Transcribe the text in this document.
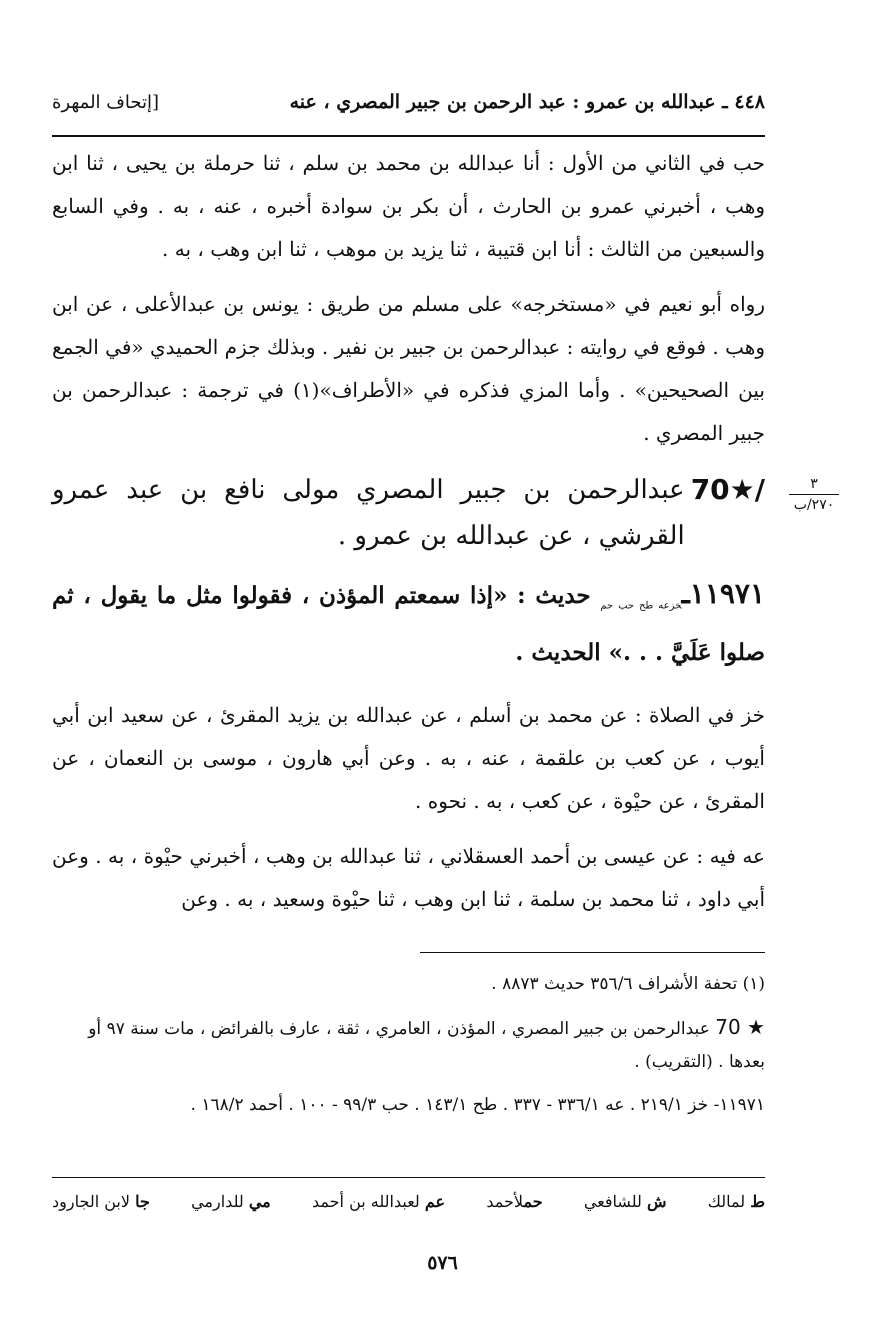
٤٤٨ ـ عبدالله بن عمرو : عبد الرحمن بن جبير المصري ، عنه
[إتحاف المهرة
٣
٢٧٠/ب

حب في الثاني من الأول : أنا عبدالله بن محمد بن سلم ، ثنا حرملة بن يحيى ، ثنا ابن وهب ، أخبرني عمرو بن الحارث ، أن بكر بن سوادة أخبره ، عنه ، به . وفي السابع والسبعين من الثالث : أنا ابن قتيبة ، ثنا يزيد بن موهب ، ثنا ابن وهب ، به .

رواه أبو نعيم في «مستخرجه» على مسلم من طريق : يونس بن عبدالأعلى ، عن ابن وهب . فوقع في روايته : عبدالرحمن بن جبير بن نفير . وبذلك جزم الحميدي «في الجمع بين الصحيحين» . وأما المزي فذكره في «الأطراف»(١) في ترجمة : عبدالرحمن بن جبير المصري .

70★/
عبدالرحمن بن جبير المصري مولى نافع بن عبد عمرو القرشي ، عن عبدالله بن عمرو .
١١٩٧١ـ$_{خزعه طح حب حم}$ حديث : «إذا سمعتم المؤذن ، فقولوا مثل ما يقول ، ثم صلوا عَلَيَّ . . .» الحديث .

خز في الصلاة : عن محمد بن أسلم ، عن عبدالله بن يزيد المقرئ ، عن سعيد ابن أبي أيوب ، عن كعب بن علقمة ، عنه ، به . وعن أبي هارون ، موسى بن النعمان ، عن المقرئ ، عن حيْوة ، عن كعب ، به . نحوه .

عه فيه : عن عيسى بن أحمد العسقلاني ، ثنا عبدالله بن وهب ، أخبرني حيْوة ، به . وعن أبي داود ، ثنا محمد بن سلمة ، ثنا ابن وهب ، ثنا حيْوة وسعيد ، به . وعن

(١) تحفة الأشراف ٣٥٦/٦ حديث ٨٨٧٣ .

70 ★ عبدالرحمن بن جبير المصري ، المؤذن ، العامري ، ثقة ، عارف بالفرائض ، مات سنة ٩٧ أو بعدها . (التقريب) .

١١٩٧١- خز ٢١٩/١ . عه ٣٣٦/١ - ٣٣٧ . طح ١٤٣/١ . حب ٩٩/٣ - ١٠٠ . أحمد ١٦٨/٢ .

ط لمالك
ش للشافعي
حملأحمد
عم لعبدالله بن أحمد
مي للدارمي
جا لابن الجارود
٥٧٦
